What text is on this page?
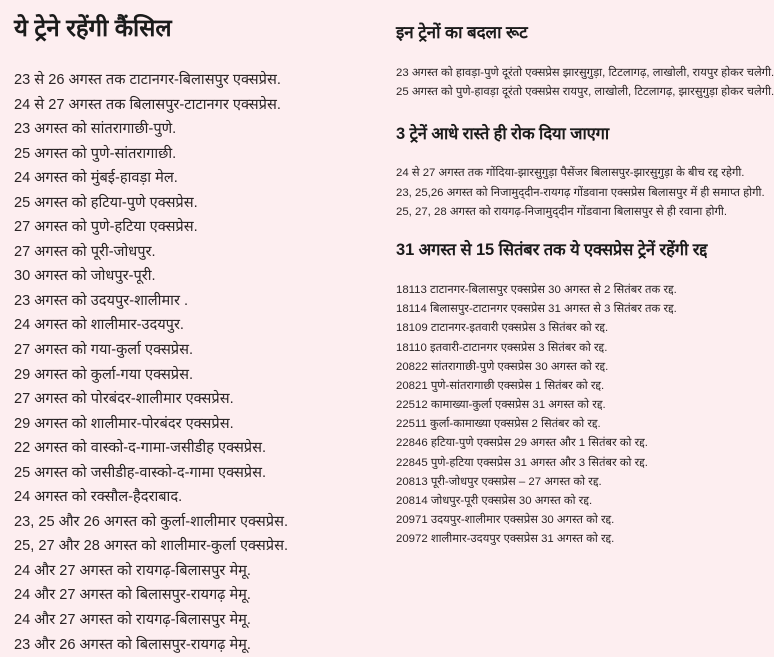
ये ट्रेने रहेंगी कैंसिल
23 से 26 अगस्त तक टाटानगर-बिलासपुर एक्सप्रेस.
24 से 27 अगस्त तक बिलासपुर-टाटानगर एक्सप्रेस.
23 अगस्त को सांतरागाछी-पुणे.
25 अगस्त को पुणे-सांतरागाछी.
24 अगस्त को मुंबई-हावड़ा मेल.
25 अगस्त को हटिया-पुणे एक्सप्रेस.
27 अगस्त को पुणे-हटिया एक्सप्रेस.
27 अगस्त को पूरी-जोधपुर.
30 अगस्त को जोधपुर-पूरी.
23 अगस्त को उदयपुर-शालीमार .
24 अगस्त को शालीमार-उदयपुर.
27 अगस्त को गया-कुर्ला एक्सप्रेस.
29 अगस्त को कुर्ला-गया एक्सप्रेस.
27 अगस्त को पोरबंदर-शालीमार एक्सप्रेस.
29 अगस्त को शालीमार-पोरबंदर एक्सप्रेस.
22 अगस्त को वास्को-द-गामा-जसीडीह एक्सप्रेस.
25 अगस्त को जसीडीह-वास्को-द-गामा एक्सप्रेस.
24 अगस्त को रक्सौल-हैदराबाद.
23, 25 और 26 अगस्त को कुर्ला-शालीमार एक्सप्रेस.
25, 27 और 28 अगस्त को शालीमार-कुर्ला एक्सप्रेस.
24 और 27 अगस्त को रायगढ़-बिलासपुर मेमू.
24 और 27 अगस्त को बिलासपुर-रायगढ़ मेमू.
24 और 27 अगस्त को रायगढ़-बिलासपुर मेमू.
23 और 26 अगस्त को बिलासपुर-रायगढ़ मेमू.
इन ट्रेनों का बदला रूट
23 अगस्त को हावड़ा-पुणे दूरंतो एक्सप्रेस झारसुगुड़ा, टिटलागढ़, लाखोली, रायपुर होकर चलेगी.
25 अगस्त को पुणे-हावड़ा दूरंतो एक्सप्रेस रायपुर, लाखोली, टिटलागढ़, झारसुगुड़ा होकर चलेगी.
3 ट्रेनें आधे रास्ते ही रोक दिया जाएगा
24 से 27 अगस्त तक गोंदिया-झारसुगुड़ा पैसेंजर बिलासपुर-झारसुगुड़ा के बीच रद्द रहेगी.
23, 25,26 अगस्त को निजामुद्​दीन-रायगढ़ गोंडवाना एक्सप्रेस बिलासपुर में ही समाप्त होगी.
25, 27, 28 अगस्त को रायगढ़-निजामुद्​दीन गोंडवाना बिलासपुर से ही रवाना होगी.
31 अगस्त से 15 सितंबर तक ये एक्सप्रेस ट्रेनें रहेंगी रद्द
18113 टाटानगर-बिलासपुर एक्सप्रेस 30 अगस्त से 2 सितंबर तक रद्द.
18114 बिलासपुर-टाटानगर एक्सप्रेस 31 अगस्त से 3 सितंबर तक रद्द.
18109 टाटानगर-इतवारी एक्सप्रेस 3 सितंबर को रद्द.
18110 इतवारी-टाटानगर एक्सप्रेस 3 सितंबर को रद्द.
20822 सांतरागाछी-पुणे एक्सप्रेस 30 अगस्त को रद्द.
20821 पुणे-सांतरागाछी एक्सप्रेस 1 सितंबर को रद्द.
22512 कामाख्या-कुर्ला एक्सप्रेस 31 अगस्त को रद्द.
22511 कुर्ला-कामाख्या एक्सप्रेस 2 सितंबर को रद्द.
22846 हटिया-पुणे एक्सप्रेस 29 अगस्त और 1 सितंबर को रद्द.
22845 पुणे-हटिया एक्सप्रेस 31 अगस्त और 3 सितंबर को रद्द.
20813 पूरी-जोधपुर एक्सप्रेस – 27 अगस्त को रद्द.
20814 जोधपुर-पूरी एक्सप्रेस 30 अगस्त को रद्द.
20971 उदयपुर-शालीमार एक्सप्रेस 30 अगस्त को रद्द.
20972 शालीमार-उदयपुर एक्सप्रेस 31 अगस्त को रद्द.
